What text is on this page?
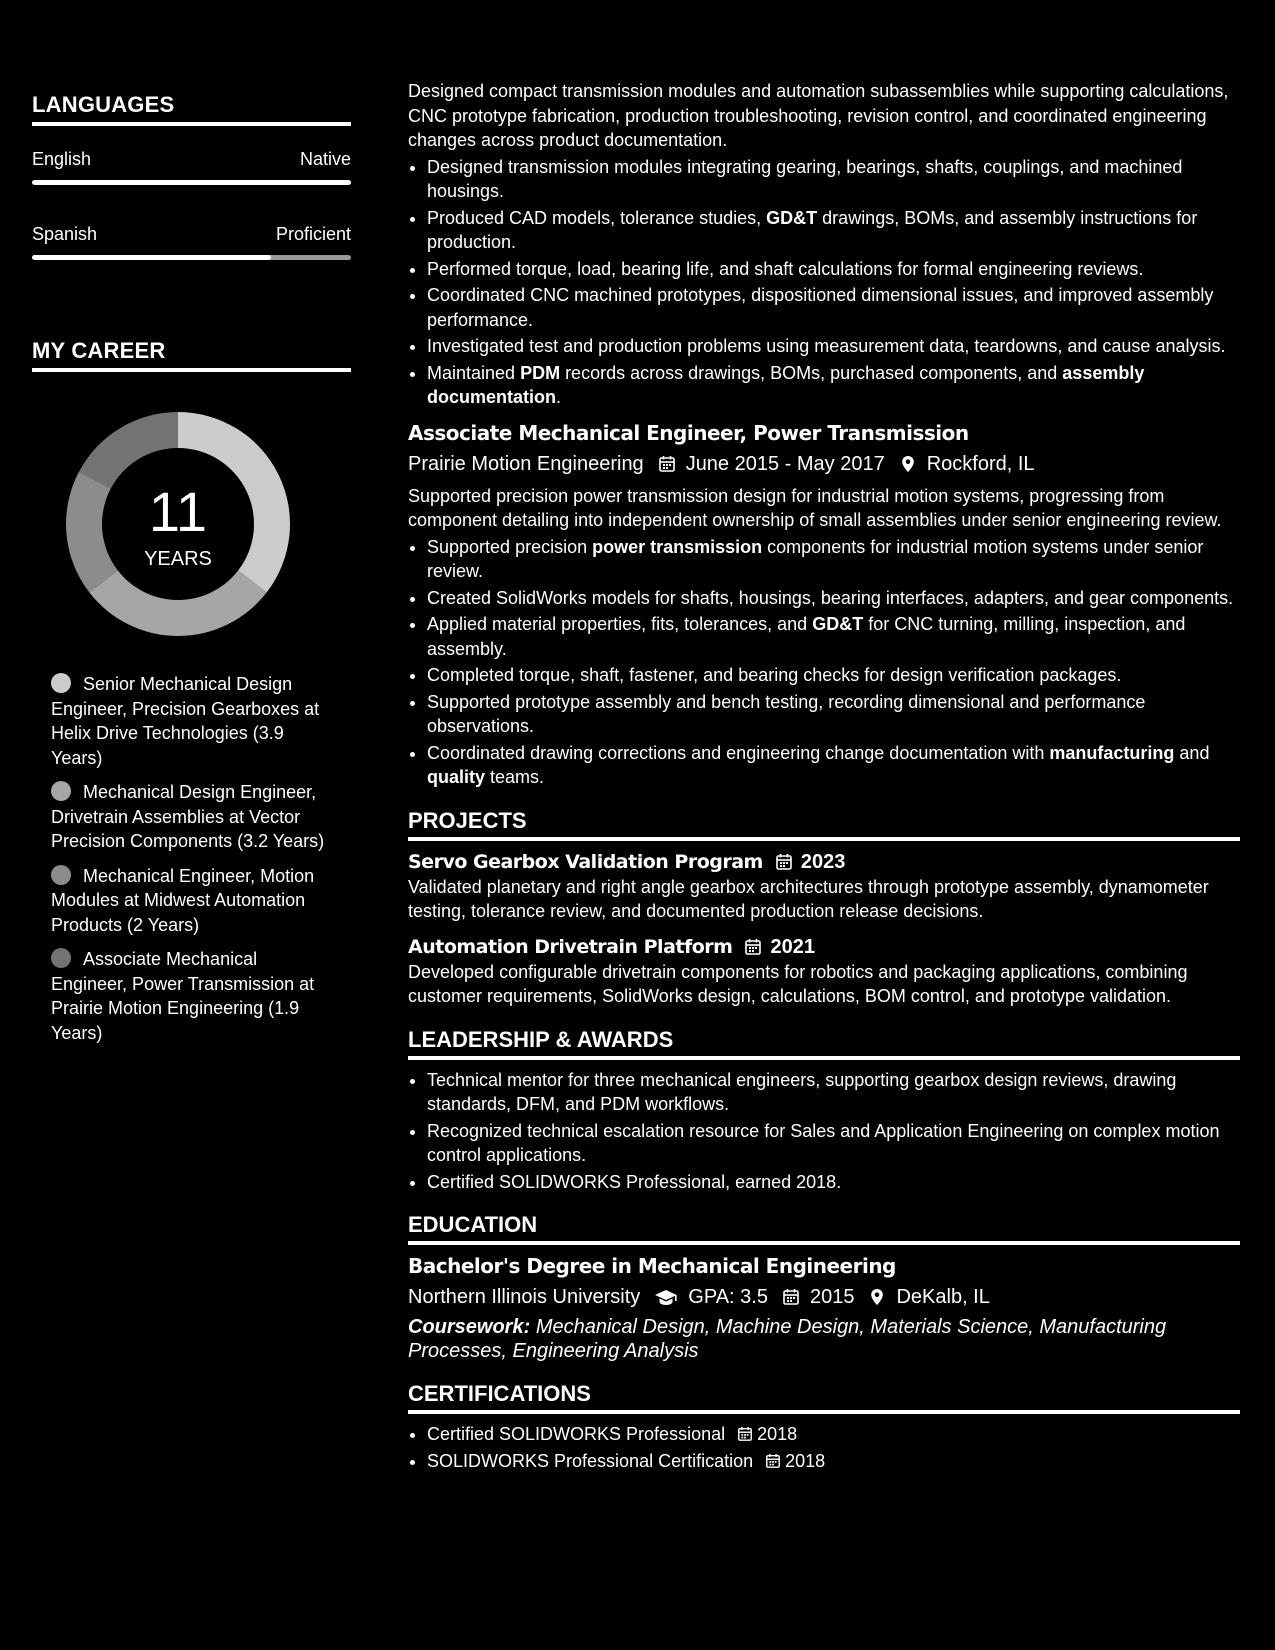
LANGUAGES
English	Native
Spanish	Proficient
MY CAREER
11
YEARS
Senior Mechanical Design Engineer, Precision Gearboxes at Helix Drive Technologies (3.9 Years)
Mechanical Design Engineer, Drivetrain Assemblies at Vector Precision Components (3.2 Years)
Mechanical Engineer, Motion Modules at Midwest Automation Products (2 Years)
Associate Mechanical Engineer, Power Transmission at Prairie Motion Engineering (1.9 Years)
Designed compact transmission modules and automation subassemblies while supporting calculations, CNC prototype fabrication, production troubleshooting, revision control, and coordinated engineering changes across product documentation.
• Designed transmission modules integrating gearing, bearings, shafts, couplings, and machined housings.
• Produced CAD models, tolerance studies, GD&T drawings, BOMs, and assembly instructions for production.
• Performed torque, load, bearing life, and shaft calculations for formal engineering reviews.
• Coordinated CNC machined prototypes, dispositioned dimensional issues, and improved assembly performance.
• Investigated test and production problems using measurement data, teardowns, and cause analysis.
• Maintained PDM records across drawings, BOMs, purchased components, and assembly documentation.
Associate Mechanical Engineer, Power Transmission
Prairie Motion Engineering June 2015 - May 2017 Rockford, IL
Supported precision power transmission design for industrial motion systems, progressing from component detailing into independent ownership of small assemblies under senior engineering review.
• Supported precision power transmission components for industrial motion systems under senior review.
• Created SolidWorks models for shafts, housings, bearing interfaces, adapters, and gear components.
• Applied material properties, fits, tolerances, and GD&T for CNC turning, milling, inspection, and assembly.
• Completed torque, shaft, fastener, and bearing checks for design verification packages.
• Supported prototype assembly and bench testing, recording dimensional and performance observations.
• Coordinated drawing corrections and engineering change documentation with manufacturing and quality teams.
PROJECTS
Servo Gearbox Validation Program 2023
Validated planetary and right angle gearbox architectures through prototype assembly, dynamometer testing, tolerance review, and documented production release decisions.
Automation Drivetrain Platform 2021
Developed configurable drivetrain components for robotics and packaging applications, combining customer requirements, SolidWorks design, calculations, BOM control, and prototype validation.
LEADERSHIP & AWARDS
• Technical mentor for three mechanical engineers, supporting gearbox design reviews, drawing standards, DFM, and PDM workflows.
• Recognized technical escalation resource for Sales and Application Engineering on complex motion control applications.
• Certified SOLIDWORKS Professional, earned 2018.
EDUCATION
Bachelor's Degree in Mechanical Engineering
Northern Illinois University GPA: 3.5 2015 DeKalb, IL
Coursework: Mechanical Design, Machine Design, Materials Science, Manufacturing Processes, Engineering Analysis
CERTIFICATIONS
• Certified SOLIDWORKS Professional 2018
• SOLIDWORKS Professional Certification 2018
